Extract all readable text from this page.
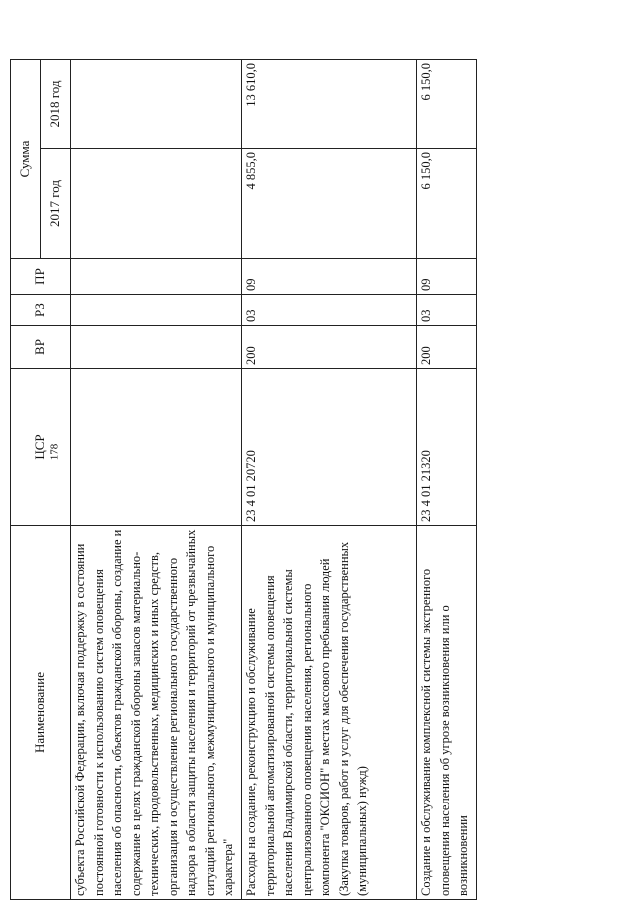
178
Наименование	ЦСР	ВР	РЗ	ПР	Сумма	
					2017 год	2018 год
субъекта Российской Федерации, включая поддержку в состоянии постоянной готовности к использованию систем оповещения населения об опасности, объектов гражданской обороны, создание и содержание в целях гражданской обороны запасов материально-технических, продовольственных, медицинских и иных средств, организация и осуществление регионального государственного надзора в области защиты населения и территорий от чрезвычайных ситуаций регионального, межмуниципального и муниципального характера"						
Расходы на создание, реконструкцию и обслуживание территориальной автоматизированной системы оповещения населения Владимирской области, территориальной системы централизованного оповещения населения, регионального компонента "ОКСИОН" в местах массового пребывания людей (Закупка товаров, работ и услуг для обеспечения государственных (муниципальных) нужд)	23 4 01 20720	200	03	09	4 855,0	13 610,0
Создание и обслуживание комплексной системы экстренного оповещения населения об угрозе возникновения или о возникновении	23 4 01 21320	200	03	09	6 150,0	6 150,0
